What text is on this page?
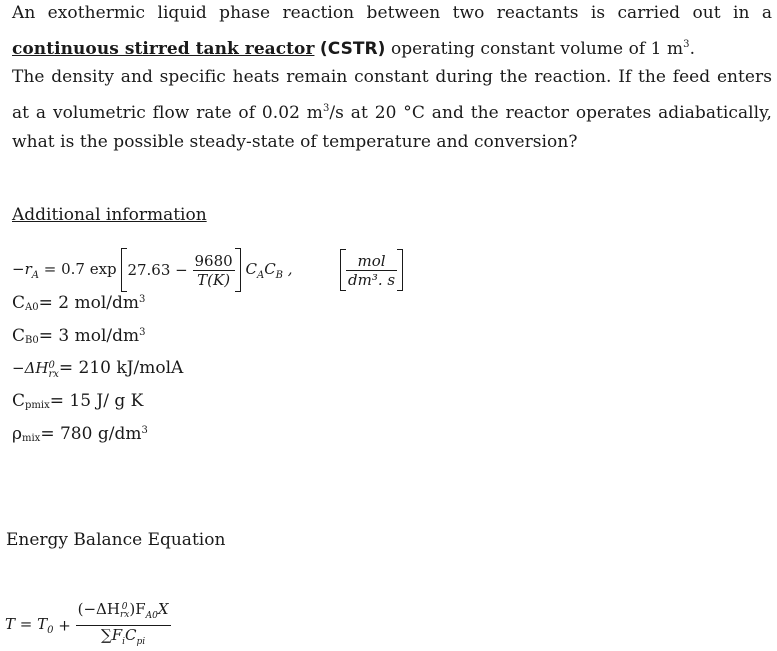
An exothermic liquid phase reaction between two reactants is carried out in a
continuous stirred tank reactor (CSTR) operating constant volume of 1 $m^3$.
The density and specific heats remain constant during the reaction. If the feed enters
at a volumetric flow rate of 0.02 $m^3/s$ at 20 °C and the reactor operates adiabatically,
what is the possible steady-state of temperature and conversion?
Additional information
$-r_A = 0.7$ $\exp 27.63 - \frac{9680}{T(K)} C_AC_B$ ,	$\frac{\text{mol}}{\text{dm³. s}}$
$C_{A0}= 2$ mol/$dm^3$
$C_{B0}= 3$ mol/$dm^3$
−ΔH 0
rx = 210 kJ/molA
$C_{pmix}= 15$ J/ g K
$\rho_{mix}= 780$ $g/dm^3$
Energy Balance Equation
$T = T_0 + (-\Delta H$ 0
rx )$F_{A0}X$
$\sum F_iC_{pi}$
